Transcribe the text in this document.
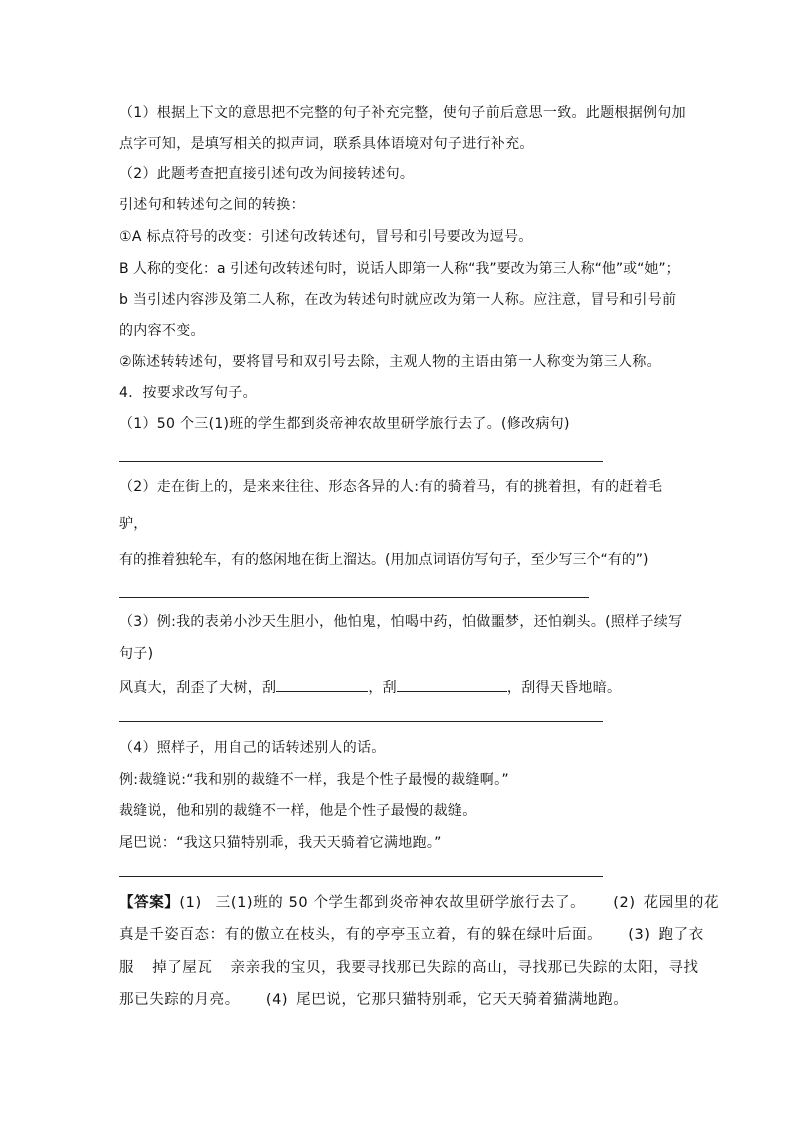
（1）根据上下文的意思把不完整的句子补充完整，使句子前后意思一致。此题根据例句加
点字可知，是填写相关的拟声词，联系具体语境对句子进行补充。
（2）此题考查把直接引述句改为间接转述句。
引述句和转述句之间的转换：
①A 标点符号的改变：引述句改转述句，冒号和引号要改为逗号。
B 人称的变化：a 引述句改转述句时，说话人即第一人称“我”要改为第三人称“他”或“她”；
b 当引述内容涉及第二人称，在改为转述句时就应改为第一人称。应注意，冒号和引号前
的内容不变。
②陈述转转述句，要将冒号和双引号去除，主观人物的主语由第一人称变为第三人称。
4．按要求改写句子。
（1）50 个三(1)班的学生都到炎帝神农故里研学旅行去了。(修改病句)
（2）走在街上的，是来来往往、形态各异的人:有的骑着马，有的挑着担，有的赶着毛
驴，
有的推着独轮车，有的悠闲地在街上溜达。(用加点词语仿写句子，至少写三个“有的”)
（3）例:我的表弟小沙天生胆小，他怕鬼，怕喝中药，怕做噩梦，还怕剃头。(照样子续写
句子)
风真大，刮歪了大树，刮	，刮	，刮得天昏地暗。
（4）照样子，用自己的话转述别人的话。
例:裁缝说:“我和别的裁缝不一样，我是个性子最慢的裁缝啊。”
裁缝说，他和别的裁缝不一样，他是个性子最慢的裁缝。
尾巴说：“我这只猫特别乖，我天天骑着它满地跑。”
【答案】(1) 三(1)班的 50 个学生都到炎帝神农故里研学旅行去了。 (2) 花园里的花
真是千姿百态：有的傲立在枝头，有的亭亭玉立着，有的躲在绿叶后面。 (3) 跑了衣
服 掉了屋瓦 亲亲我的宝贝，我要寻找那已失踪的高山，寻找那已失踪的太阳，寻找
那已失踪的月亮。 (4) 尾巴说，它那只猫特别乖，它天天骑着猫满地跑。
